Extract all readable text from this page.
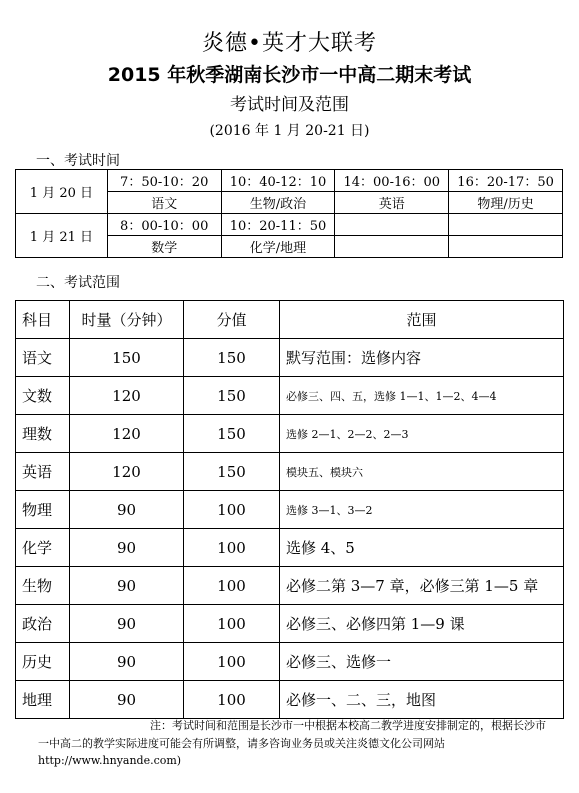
炎德•英才大联考
2015 年秋季湖南长沙市一中高二期末考试
考试时间及范围
(2016 年 1 月 20-21 日)
一、考试时间
1 月 20 日	7：50-10：20	10：40-12：10	14：00-16：00	16：20-17：50
	语文	生物/政治	英语	物理/历史
1 月 21 日	8：00-10：00	10：20-11：50		
	数学	化学/地理		
二、考试范围
科目	时量（分钟）	分值	范围
语文	150	150	默写范围：选修内容
文数	120	150	必修三、四、五，选修 1—1、1—2、4—4
理数	120	150	选修 2—1、2—2、2—3
英语	120	150	模块五、模块六
物理	90	100	选修 3—1、3—2
化学	90	100	选修 4、5
生物	90	100	必修二第 3—7 章，必修三第 1—5 章
政治	90	100	必修三、必修四第 1—9 课
历史	90	100	必修三、选修一
地理	90	100	必修一、二、三，地图
注：考试时间和范围是长沙市一中根据本校高二教学进度安排制定的，根据长沙市
一中高二的教学实际进度可能会有所调整，请多咨询业务员或关注炎德文化公司网站
http://www.hnyande.com)
